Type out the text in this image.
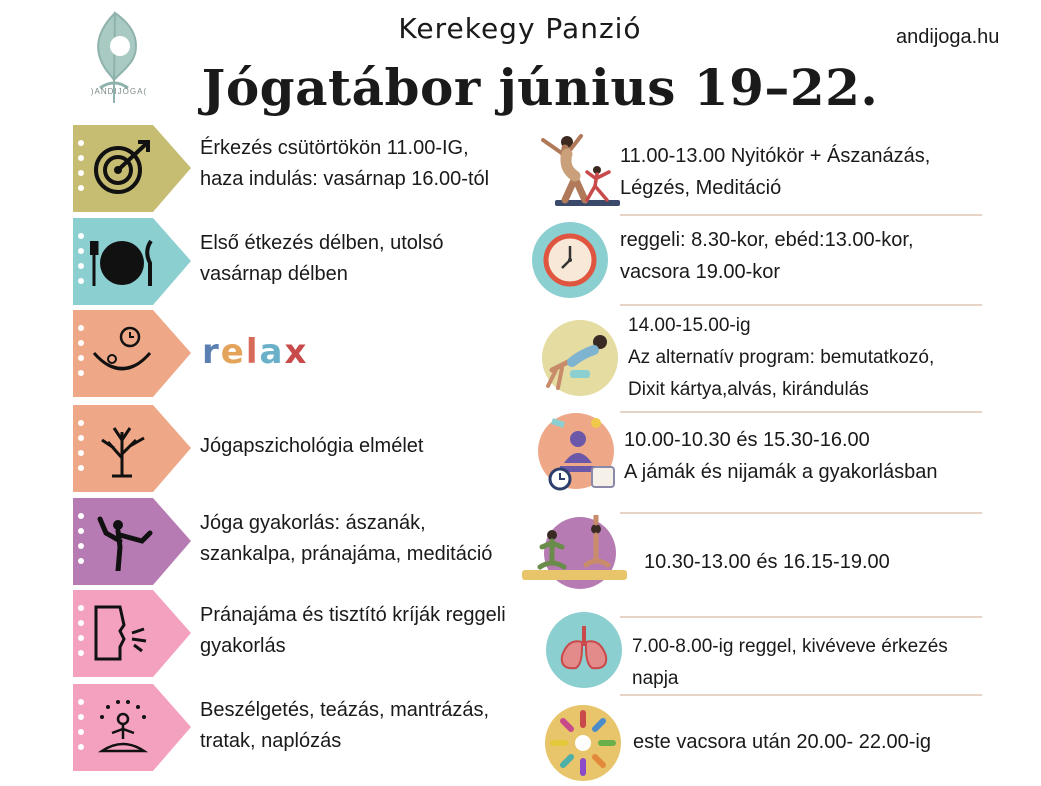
)ANDIJÓGA(
Kerekegy Panzió	andijoga.hu
Jógatábor június 19–22.
Érkezés csütörtökön 11.00-IG,
haza indulás: vasárnap 16.00-tól
Első étkezés délben, utolsó
vasárnap délben
relax
Jógapszichológia elmélet
Jóga gyakorlás: ászanák,
szankalpa, pránajáma, meditáció
Pránajáma és tisztító kríják reggeli
gyakorlás
Beszélgetés, teázás, mantrázás,
tratak, naplózás
11.00-13.00 Nyitókör + Ászanázás,
Légzés, Meditáció
reggeli: 8.30-kor, ebéd:13.00-kor,
vacsora 19.00-kor
14.00-15.00-ig
Az alternatív program: bemutatkozó,
Dixit kártya,alvás, kirándulás
10.00-10.30 és 15.30-16.00
A jámák és nijamák a gyakorlásban
10.30-13.00 és 16.15-19.00
7.00-8.00-ig reggel, kivéveve érkezés
napja
este vacsora után 20.00- 22.00-ig
